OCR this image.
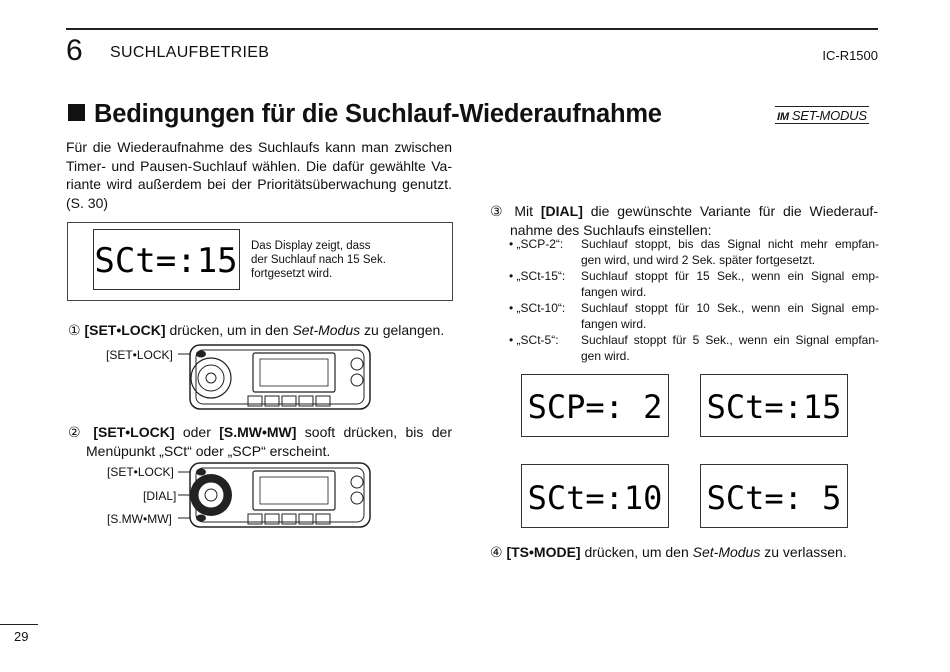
6 SUCHLAUFBETRIEB	IC-R1500
Bedingungen für die Suchlauf-Wiederaufnahme	IM SET-MODUS
Für die Wiederaufnahme des Suchlaufs kann man zwischen
Timer- und Pausen-Suchlauf wählen. Die dafür gewählte Va-
riante wird außerdem bei der Prioritätsüberwachung genutzt.
(S. 30)
SCt=:15 Das Display zeigt, dass
der Suchlauf nach 15 Sek.
fortgesetzt wird.
① [SET•LOCK] drücken, um in den Set-Modus zu gelangen.
[SET•LOCK]
② [SET•LOCK] oder [S.MW•MW] sooft drücken, bis der
Menüpunkt „SCt“ oder „SCP“ erscheint.
[SET•LOCK]
[DIAL]
[S.MW•MW]
③ Mit [DIAL] die gewünschte Variante für die Wiederauf-
nahme des Suchlaufs einstellen:
• „SCP-2“:	Suchlauf stoppt, bis das Signal nicht mehr empfan-
gen wird, und wird 2 Sek. später fortgesetzt.
• „SCt-15“:	Suchlauf stoppt für 15 Sek., wenn ein Signal emp-
fangen wird.
• „SCt-10“:	Suchlauf stoppt für 10 Sek., wenn ein Signal emp-
fangen wird.
• „SCt-5“:	Suchlauf stoppt für 5 Sek., wenn ein Signal empfan-
gen wird.
SCP=: 2 SCt=:15
SCt=:10 SCt=: 5
④ [TS•MODE] drücken, um den Set-Modus zu verlassen.
29
